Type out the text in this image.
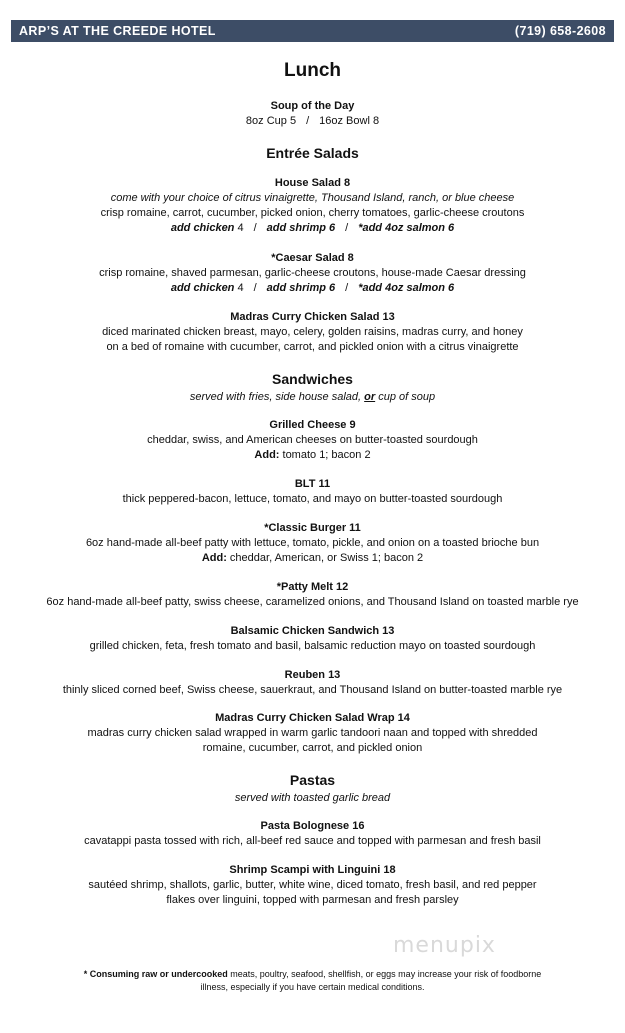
ARP’S AT THE CREEDE HOTEL	(719) 658-2608
Lunch
Soup of the Day
8oz Cup 5 / 16oz Bowl 8
Entrée Salads
House Salad 8
come with your choice of citrus vinaigrette, Thousand Island, ranch, or blue cheese
crisp romaine, carrot, cucumber, picked onion, cherry tomatoes, garlic-cheese croutons
add chicken 4 / add shrimp 6 / *add 4oz salmon 6
*Caesar Salad 8
crisp romaine, shaved parmesan, garlic-cheese croutons, house-made Caesar dressing
add chicken 4 / add shrimp 6 / *add 4oz salmon 6
Madras Curry Chicken Salad 13
diced marinated chicken breast, mayo, celery, golden raisins, madras curry, and honey
on a bed of romaine with cucumber, carrot, and pickled onion with a citrus vinaigrette
Sandwiches
served with fries, side house salad, or cup of soup
Grilled Cheese 9
cheddar, swiss, and American cheeses on butter-toasted sourdough
Add: tomato 1; bacon 2
BLT 11
thick peppered-bacon, lettuce, tomato, and mayo on butter-toasted sourdough
*Classic Burger 11
6oz hand-made all-beef patty with lettuce, tomato, pickle, and onion on a toasted brioche bun
Add: cheddar, American, or Swiss 1; bacon 2
*Patty Melt 12
6oz hand-made all-beef patty, swiss cheese, caramelized onions, and Thousand Island on toasted marble rye
Balsamic Chicken Sandwich 13
grilled chicken, feta, fresh tomato and basil, balsamic reduction mayo on toasted sourdough
Reuben 13
thinly sliced corned beef, Swiss cheese, sauerkraut, and Thousand Island on butter-toasted marble rye
Madras Curry Chicken Salad Wrap 14
madras curry chicken salad wrapped in warm garlic tandoori naan and topped with shredded
romaine, cucumber, carrot, and pickled onion
Pastas
served with toasted garlic bread
Pasta Bolognese 16
cavatappi pasta tossed with rich, all-beef red sauce and topped with parmesan and fresh basil
Shrimp Scampi with Linguini 18
sautéed shrimp, shallots, garlic, butter, white wine, diced tomato, fresh basil, and red pepper
flakes over linguini, topped with parmesan and fresh parsley
menupix
* Consuming raw or undercooked meats, poultry, seafood, shellfish, or eggs may increase your risk of foodborne
illness, especially if you have certain medical conditions.
